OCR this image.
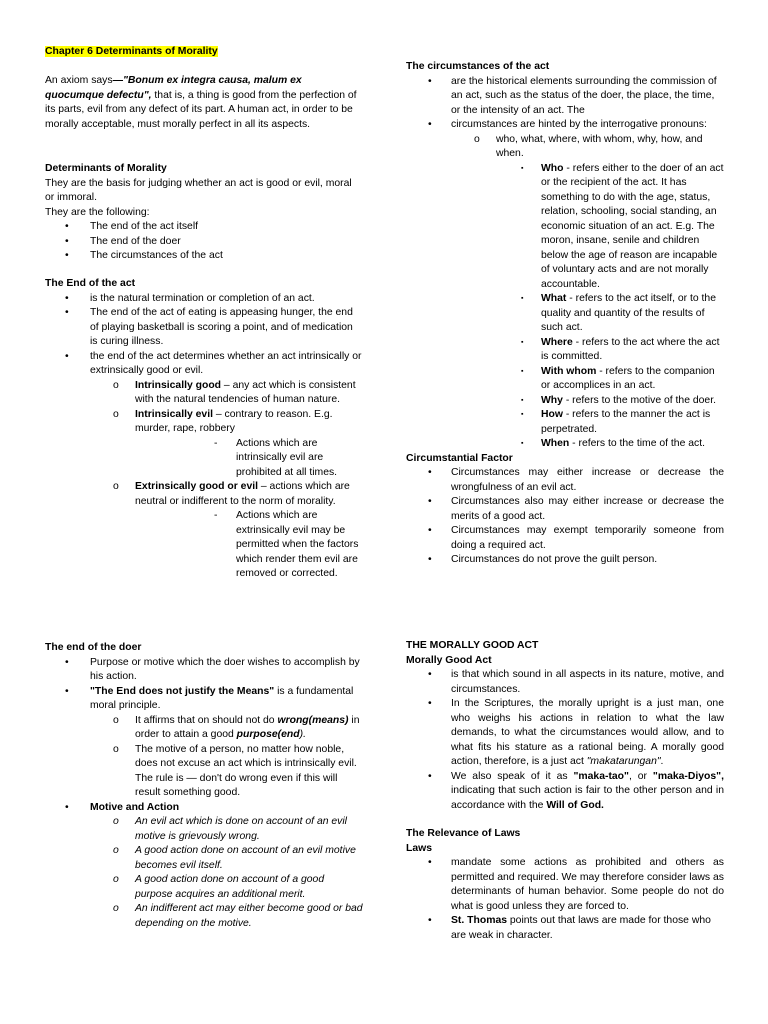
Chapter 6 Determinants of Morality

An axiom says—"Bonum ex integra causa, malum ex quocumque defectu", that is, a thing is good from the perfection of its parts, evil from any defect of its part. A human act, in order to be morally acceptable, must morally perfect in all its aspects.

Determinants of Morality

They are the basis for judging whether an act is good or evil, moral or immoral.

They are the following:

• The end of the act itself
• The end of the doer
• The circumstances of the act

The End of the act

• is the natural termination or completion of an act.
• The end of the act of eating is appeasing hunger, the end of playing basketball is scoring a point, and of medication is curing illness.
• the end of the act determines whether an act intrinsically or extrinsically good or evil.
o Intrinsically good – any act which is consistent with the natural tendencies of human nature.
o Intrinsically evil – contrary to reason. E.g. murder, rape, robbery
- Actions which are intrinsically evil are prohibited at all times.
o Extrinsically good or evil – actions which are neutral or indifferent to the norm of morality.
- Actions which are extrinsically evil may be permitted when the factors which render them evil are removed or corrected.

The end of the doer

• Purpose or motive which the doer wishes to accomplish by his action.
• "The End does not justify the Means" is a fundamental moral principle.
o It affirms that on should not do wrong(means) in order to attain a good purpose(end).
o The motive of a person, no matter how noble, does not excuse an act which is intrinsically evil. The rule is — don't do wrong even if this will result something good.
• Motive and Action
o An evil act which is done on account of an evil motive is grievously wrong.
o A good action done on account of an evil motive becomes evil itself.
o A good action done on account of a good purpose acquires an additional merit.
o An indifferent act may either become good or bad depending on the motive.

The circumstances of the act

• are the historical elements surrounding the commission of an act, such as the status of the doer, the place, the time, or the intensity of an act. The
• circumstances are hinted by the interrogative pronouns:
o who, what, where, with whom, why, how, and when.
▪ Who - refers either to the doer of an act or the recipient of the act. It has something to do with the age, status, relation, schooling, social standing, an economic situation of an act. E.g. The moron, insane, senile and children below the age of reason are incapable of voluntary acts and are not morally accountable.
▪ What - refers to the act itself, or to the quality and quantity of the results of such act.
▪ Where - refers to the act where the act is committed.
▪ With whom - refers to the companion or accomplices in an act.
▪ Why - refers to the motive of the doer.
▪ How - refers to the manner the act is perpetrated.
▪ When - refers to the time of the act.

Circumstantial Factor

• Circumstances may either increase or decrease the wrongfulness of an evil act.
• Circumstances also may either increase or decrease the merits of a good act.
• Circumstances may exempt temporarily someone from doing a required act.
• Circumstances do not prove the guilt person.

THE MORALLY GOOD ACT

Morally Good Act

• is that which sound in all aspects in its nature, motive, and circumstances.
• In the Scriptures, the morally upright is a just man, one who weighs his actions in relation to what the law demands, to what the circumstances would allow, and to what fits his stature as a rational being. A morally good action, therefore, is a just act "makatarungan".
• We also speak of it as "maka-tao", or "maka-Diyos", indicating that such action is fair to the other person and in accordance with the Will of God.

The Relevance of Laws

Laws

• mandate some actions as prohibited and others as permitted and required. We may therefore consider laws as determinants of human behavior. Some people do not do what is good unless they are forced to.
• St. Thomas points out that laws are made for those who are weak in character.
